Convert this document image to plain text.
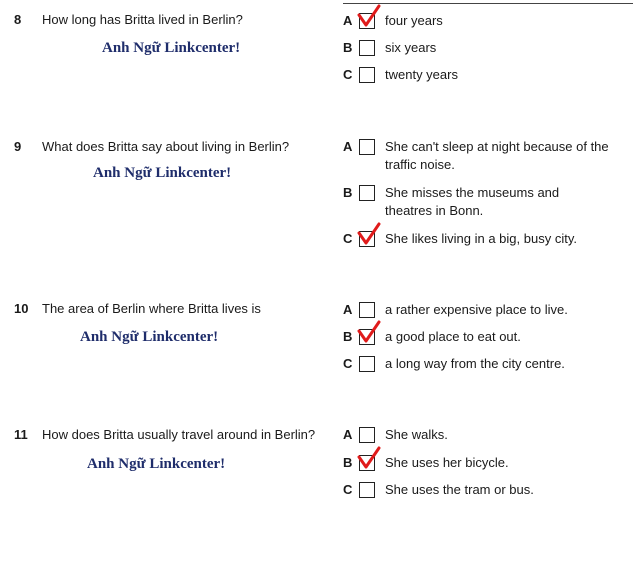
8	How long has Britta lived in Berlin?
Anh Ngữ Linkcenter!
A	four years
B	six years
C	twenty years
9	What does Britta say about living in Berlin?
Anh Ngữ Linkcenter!
A	She can't sleep at night because of the traffic noise.
B	She misses the museums and theatres in Bonn.
C	She likes living in a big, busy city.
10	The area of Berlin where Britta lives is
Anh Ngữ Linkcenter!
A	a rather expensive place to live.
B	a good place to eat out.
C	a long way from the city centre.
11	How does Britta usually travel around in Berlin?
Anh Ngữ Linkcenter!
A	She walks.
B	She uses her bicycle.
C	She uses the tram or bus.
